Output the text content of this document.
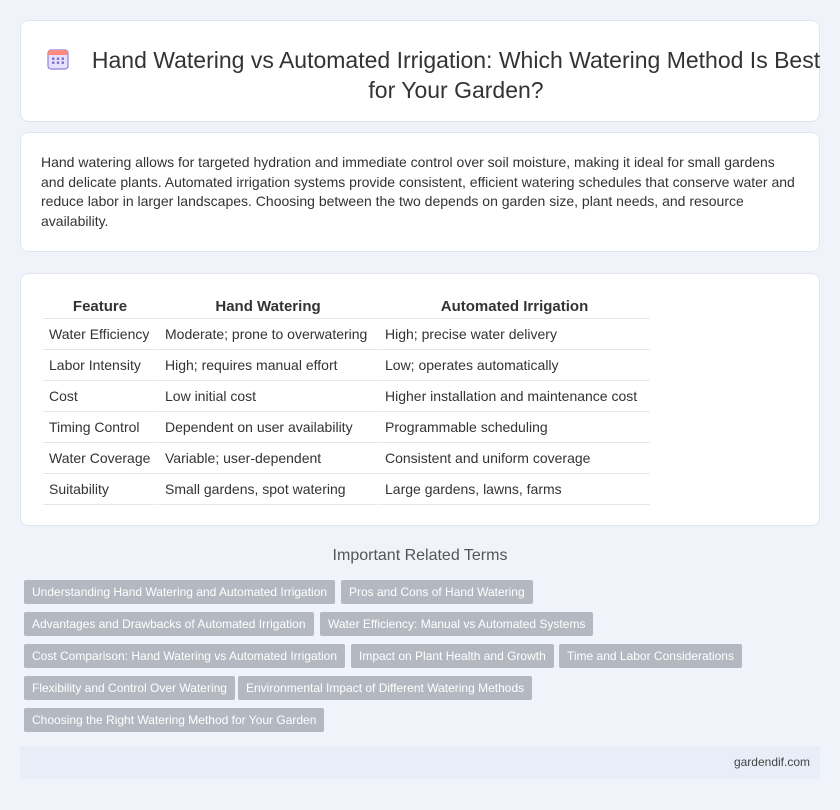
Hand Watering vs Automated Irrigation: Which Watering Method Is Best for Your Garden?

Hand watering allows for targeted hydration and immediate control over soil moisture, making it ideal for small gardens and delicate plants. Automated irrigation systems provide consistent, efficient watering schedules that conserve water and reduce labor in larger landscapes. Choosing between the two depends on garden size, plant needs, and resource availability.

Feature	Hand Watering	Automated Irrigation
Water Efficiency	Moderate; prone to overwatering	High; precise water delivery
Labor Intensity	High; requires manual effort	Low; operates automatically
Cost	Low initial cost	Higher installation and maintenance cost
Timing Control	Dependent on user availability	Programmable scheduling
Water Coverage	Variable; user-dependent	Consistent and uniform coverage
Suitability	Small gardens, spot watering	Large gardens, lawns, farms
Important Related Terms
Understanding Hand Watering and Automated Irrigation	Pros and Cons of Hand Watering
Advantages and Drawbacks of Automated Irrigation	Water Efficiency: Manual vs Automated Systems
Cost Comparison: Hand Watering vs Automated Irrigation	Impact on Plant Health and Growth	Time and Labor Considerations
Flexibility and Control Over Watering	Environmental Impact of Different Watering Methods
Choosing the Right Watering Method for Your Garden
gardendif.com
